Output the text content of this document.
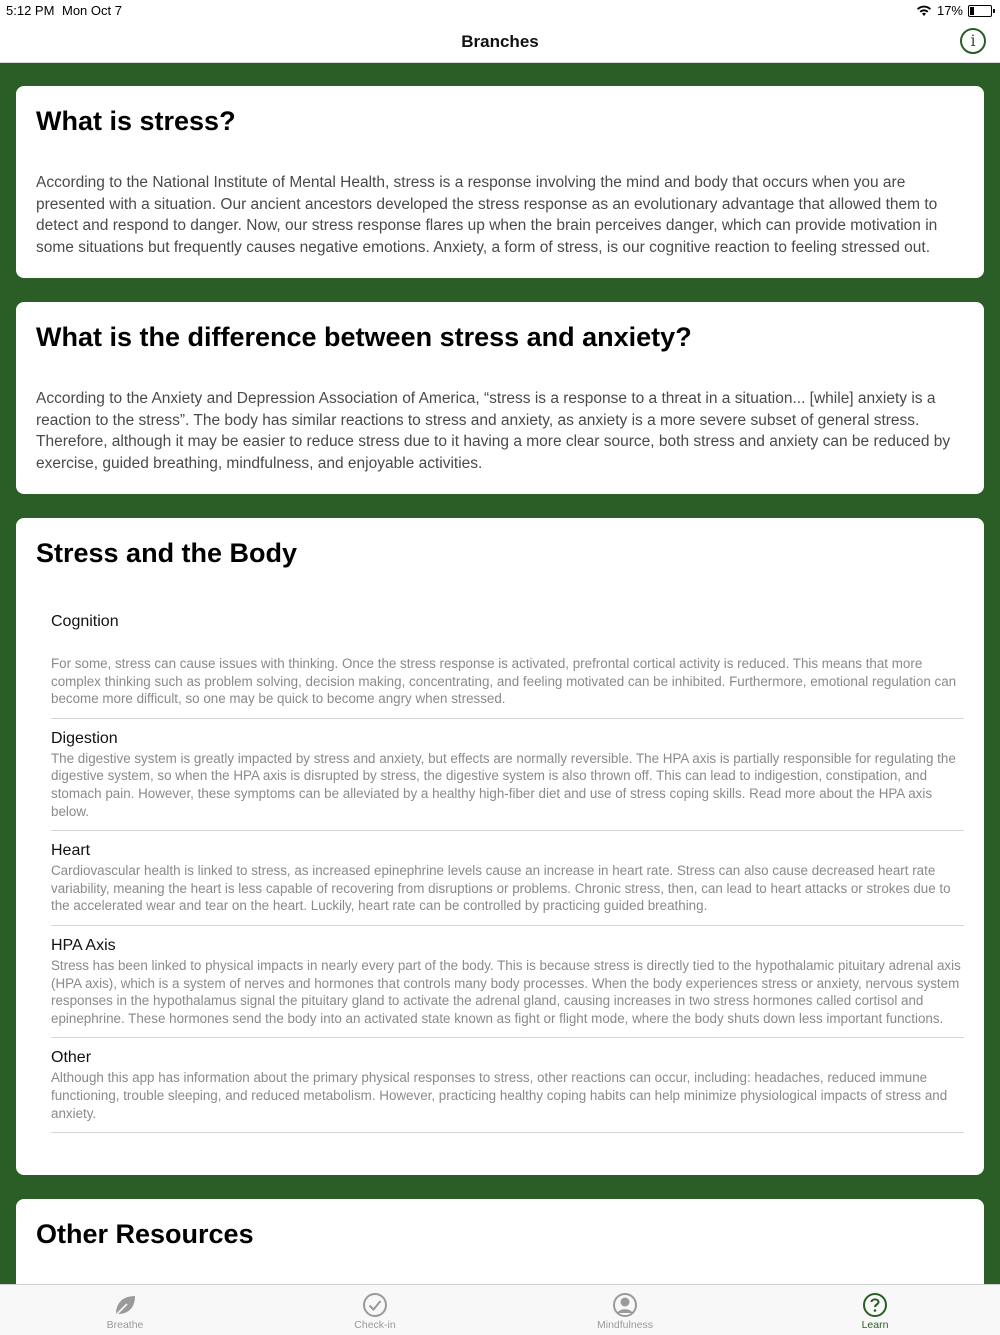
5:12 PM Mon Oct 7	17%
Branches	i
What is stress?

According to the National Institute of Mental Health, stress is a response involving the mind and body that occurs when you are presented with a situation. Our ancient ancestors developed the stress response as an evolutionary advantage that allowed them to detect and respond to danger. Now, our stress response flares up when the brain perceives danger, which can provide motivation in some situations but frequently causes negative emotions. Anxiety, a form of stress, is our cognitive reaction to feeling stressed out.

What is the difference between stress and anxiety?

According to the Anxiety and Depression Association of America, “stress is a response to a threat in a situation... [while] anxiety is a reaction to the stress”. The body has similar reactions to stress and anxiety, as anxiety is a more severe subset of general stress. Therefore, although it may be easier to reduce stress due to it having a more clear source, both stress and anxiety can be reduced by exercise, guided breathing, mindfulness, and enjoyable activities.

Stress and the Body
Cognition
For some, stress can cause issues with thinking. Once the stress response is activated, prefrontal cortical activity is reduced. This means that more complex thinking such as problem solving, decision making, concentrating, and feeling motivated can be inhibited. Furthermore, emotional regulation can become more difficult, so one may be quick to become angry when stressed.
Digestion
The digestive system is greatly impacted by stress and anxiety, but effects are normally reversible. The HPA axis is partially responsible for regulating the digestive system, so when the HPA axis is disrupted by stress, the digestive system is also thrown off. This can lead to indigestion, constipation, and stomach pain. However, these symptoms can be alleviated by a healthy high-fiber diet and use of stress coping skills. Read more about the HPA axis below.
Heart
Cardiovascular health is linked to stress, as increased epinephrine levels cause an increase in heart rate. Stress can also cause decreased heart rate variability, meaning the heart is less capable of recovering from disruptions or problems. Chronic stress, then, can lead to heart attacks or strokes due to the accelerated wear and tear on the heart. Luckily, heart rate can be controlled by practicing guided breathing.
HPA Axis
Stress has been linked to physical impacts in nearly every part of the body. This is because stress is directly tied to the hypothalamic pituitary adrenal axis (HPA axis), which is a system of nerves and hormones that controls many body processes. When the body experiences stress or anxiety, nervous system responses in the hypothalamus signal the pituitary gland to activate the adrenal gland, causing increases in two stress hormones called cortisol and epinephrine. These hormones send the body into an activated state known as fight or flight mode, where the body shuts down less important functions.
Other
Although this app has information about the primary physical responses to stress, other reactions can occur, including: headaches, reduced immune functioning, trouble sleeping, and reduced metabolism. However, practicing healthy coping habits can help minimize physiological impacts of stress and anxiety.
Other Resources
Breathe	Check-in	Mindfulness	Learn
